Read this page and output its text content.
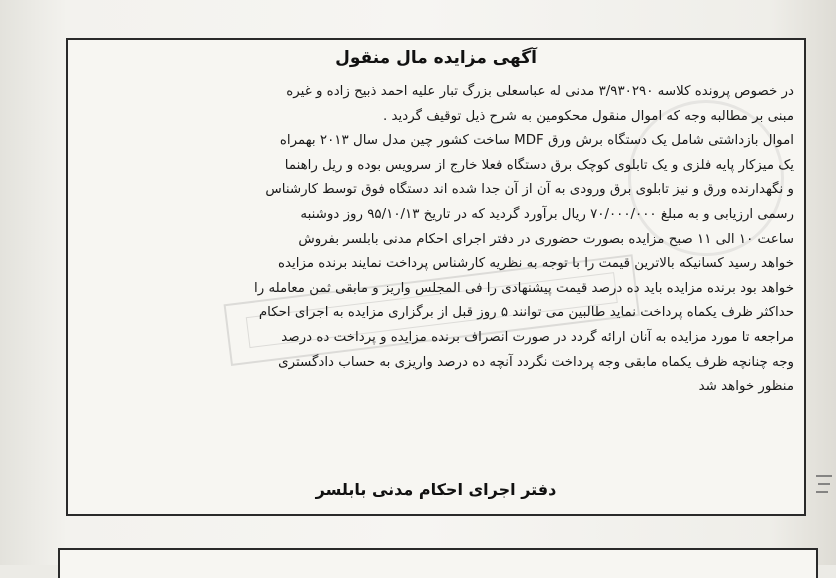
آگهی مزایده مال منقول
در خصوص پرونده کلاسه ۳/۹۳۰۲۹۰ مدنی له عباسعلی بزرگ تبار علیه احمد ذبیح زاده و غیره
مبنی بر مطالبه وجه که اموال منقول محکومین به شرح ذیل توقیف گردید .
اموال بازداشتی شامل یک دستگاه برش ورق MDF ساخت کشور چین مدل سال ۲۰۱۳ بهمراه
یک میزکار پایه فلزی و یک تابلوی کوچک برق دستگاه فعلا خارج از سرویس بوده و ریل راهنما
و نگهدارنده ورق و نیز تابلوی برق ورودی به آن از آن جدا شده اند دستگاه فوق توسط کارشناس
رسمی ارزیابی و به مبلغ ۷۰/۰۰۰/۰۰۰ ریال برآورد گردید که در تاریخ ۹۵/۱۰/۱۳ روز دوشنبه
ساعت ۱۰ الی ۱۱ صبح مزایده بصورت حضوری در دفتر اجرای احکام مدنی بابلسر بفروش
خواهد رسید کسانیکه بالاترین قیمت را با توجه به نظریه کارشناس پرداخت نمایند برنده مزایده
خواهد بود برنده مزایده باید ده درصد قیمت پیشنهادی را فی المجلس واریز و مابقی ثمن معامله را
حداکثر ظرف یکماه پرداخت نماید طالبین می توانند ۵ روز قبل از برگزاری مزایده به اجرای احکام
مراجعه تا مورد مزایده به آنان ارائه گردد در صورت انصراف برنده مزایده و پرداخت ده درصد
وجه چنانچه ظرف یکماه مابقی وجه پرداخت نگردد آنچه ده درصد واریزی به حساب دادگستری
منظور خواهد شد
دفتر اجرای احکام مدنی بابلسر
